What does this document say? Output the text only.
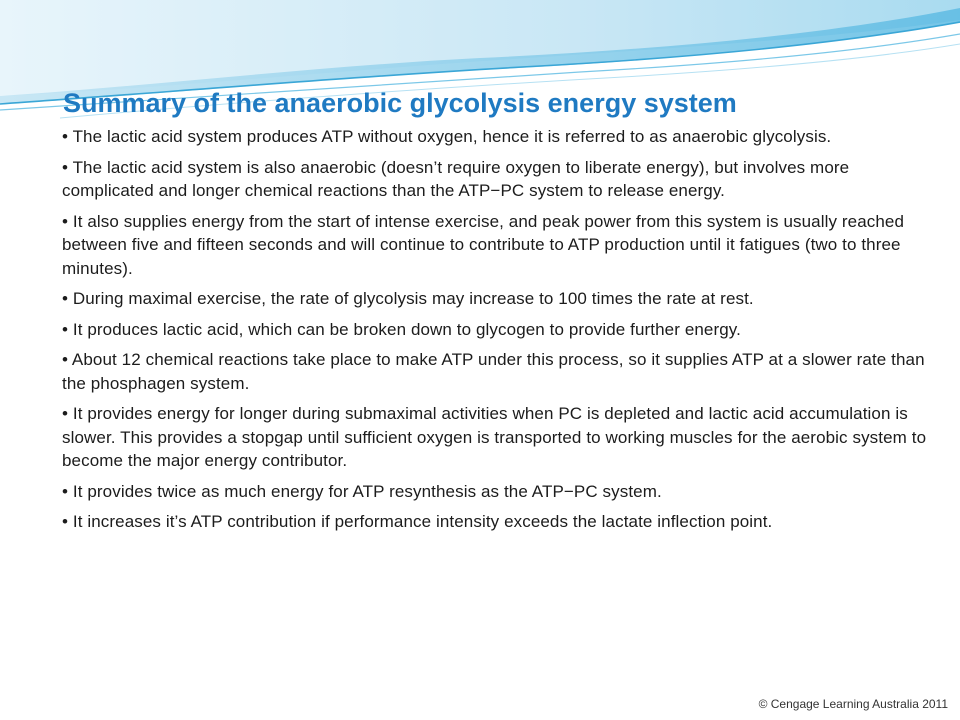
Summary of the anaerobic glycolysis energy system
• The lactic acid system produces ATP without oxygen, hence it is referred to as anaerobic glycolysis.
• The lactic acid system is also anaerobic (doesn’t require oxygen to liberate energy), but involves more complicated and longer chemical reactions than the ATP−PC system to release energy.
• It also supplies energy from the start of intense exercise, and peak power from this system is usually reached between five and fifteen seconds and will continue to contribute to ATP production until it fatigues (two to three minutes).
• During maximal exercise, the rate of glycolysis may increase to 100 times the rate at rest.
• It produces lactic acid, which can be broken down to glycogen to provide further energy.
• About 12 chemical reactions take place to make ATP under this process, so it supplies ATP at a slower rate than the phosphagen system.
• It provides energy for longer during submaximal activities when PC is depleted and lactic acid accumulation is slower. This provides a stopgap until sufficient oxygen is transported to working muscles for the aerobic system to become the major energy contributor.
• It provides twice as much energy for ATP resynthesis as the ATP−PC system.
• It increases it’s ATP contribution if performance intensity exceeds the lactate inflection point.
© Cengage Learning Australia 2011
